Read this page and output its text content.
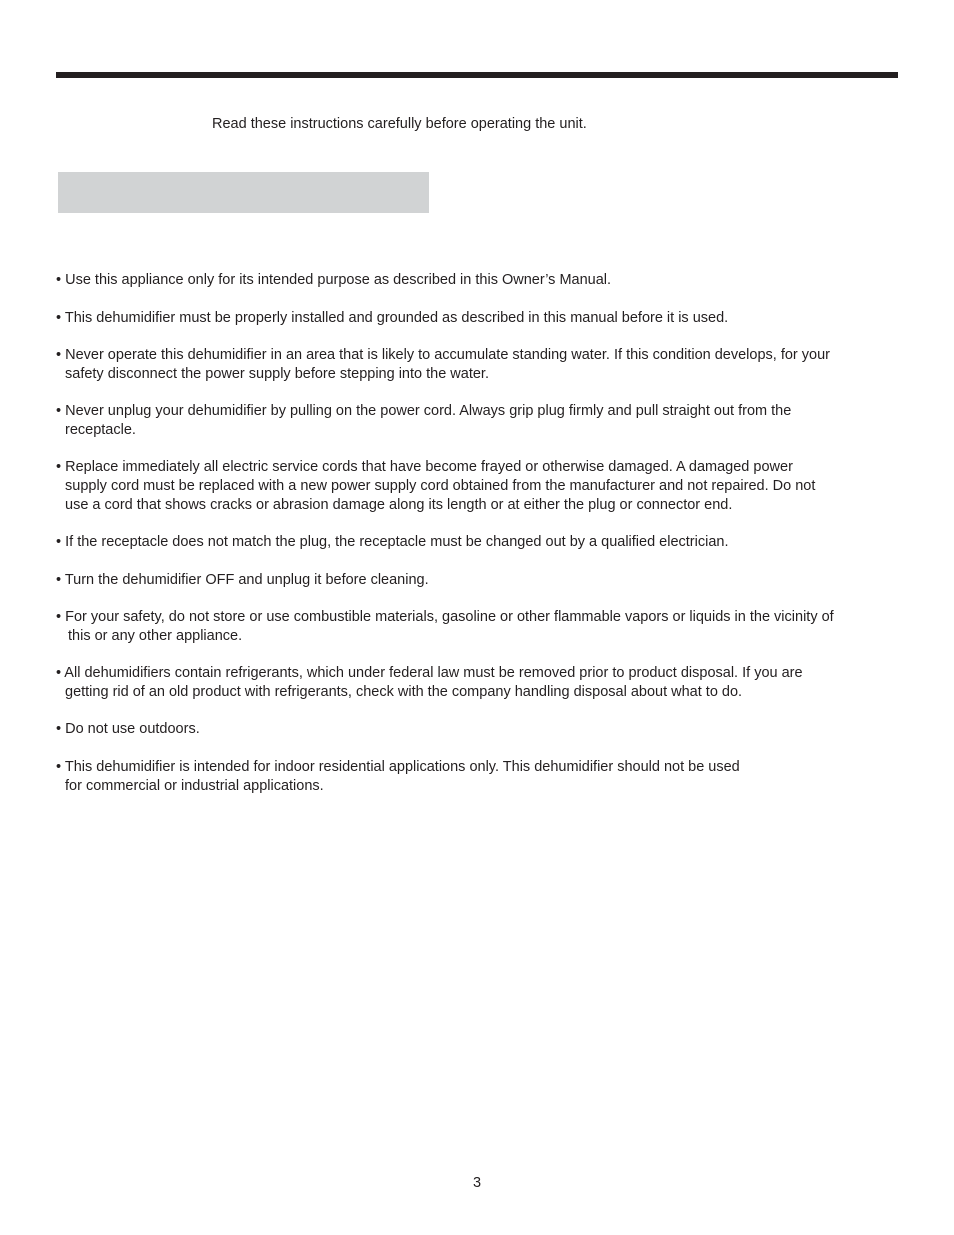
Read these instructions carefully before operating the unit.
• Use this appliance only for its intended purpose as described in this Owner’s Manual.
• This dehumidifier must be properly installed and grounded as described in this manual before it is used.
• Never operate this dehumidifier in an area that is likely to accumulate standing water. If this condition develops, for your
safety disconnect the power supply before stepping into the water.
• Never unplug your dehumidifier by pulling on the power cord. Always grip plug firmly and pull straight out from the
receptacle.
• Replace immediately all electric service cords that have become frayed or otherwise damaged. A damaged power
supply cord must be replaced with a new power supply cord obtained from the manufacturer and not repaired. Do not
use a cord that shows cracks or abrasion damage along its length or at either the plug or connector end.
• If the receptacle does not match the plug, the receptacle must be changed out by a qualified electrician.
• Turn the dehumidifier OFF and unplug it before cleaning.
• For your safety, do not store or use combustible materials, gasoline or other flammable vapors or liquids in the vicinity of
this or any other appliance.
• All dehumidifiers contain refrigerants, which under federal law must be removed prior to product disposal. If you are
getting rid of an old product with refrigerants, check with the company handling disposal about what to do.
• Do not use outdoors.
• This dehumidifier is intended for indoor residential applications only. This dehumidifier should not be used
for commercial or industrial applications.
3
